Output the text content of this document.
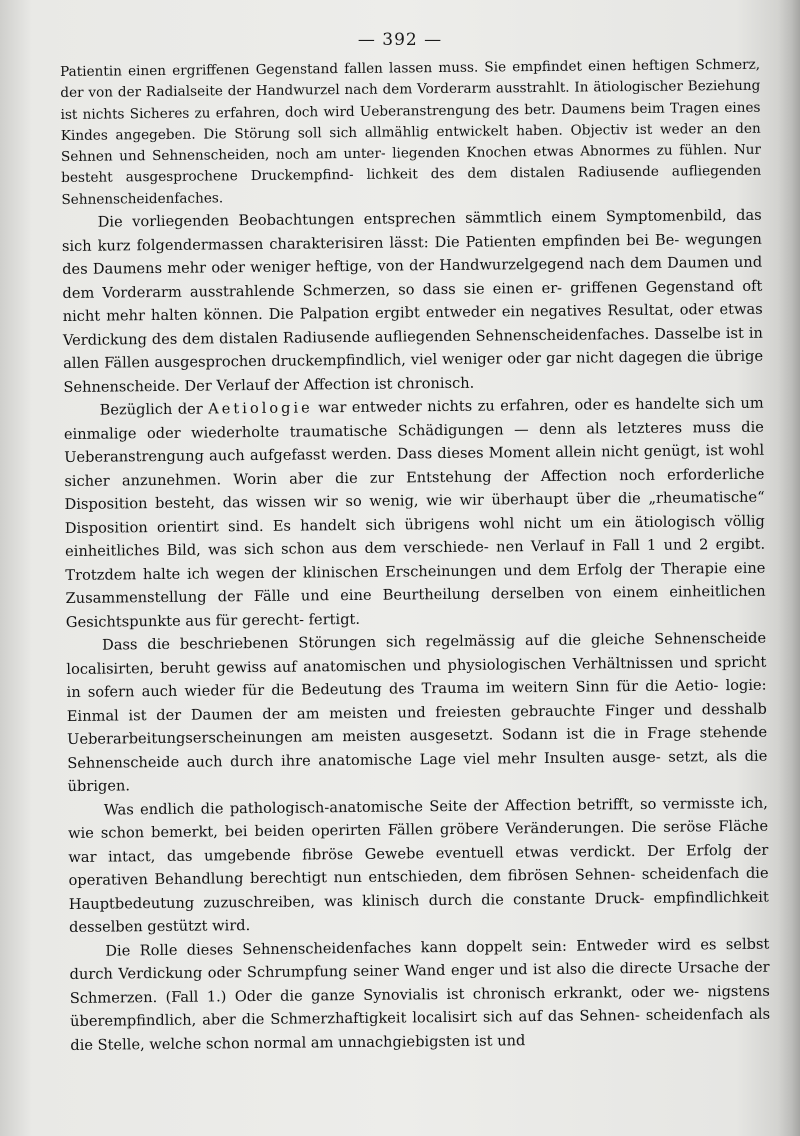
— 392 —

Patientin einen ergriffenen Gegenstand fallen lassen muss. Sie empfindet einen heftigen Schmerz, der von der Radialseite der Handwurzel nach dem Vorderarm ausstrahlt. In ätiologischer Beziehung ist nichts Sicheres zu erfahren, doch wird Ueberanstrengung des betr. Daumens beim Tragen eines Kindes angegeben. Die Störung soll sich allmählig entwickelt haben. Objectiv ist weder an den Sehnen und Sehnenscheiden, noch am unter- liegenden Knochen etwas Abnormes zu fühlen. Nur besteht ausgesprochene Druckempfind- lichkeit des dem distalen Radiusende aufliegenden Sehnenscheidenfaches.

Die vorliegenden Beobachtungen entsprechen sämmtlich einem Symptomenbild, das sich kurz folgendermassen charakterisiren lässt: Die Patienten empfinden bei Be- wegungen des Daumens mehr oder weniger heftige, von der Handwurzelgegend nach dem Daumen und dem Vorderarm ausstrahlende Schmerzen, so dass sie einen er- griffenen Gegenstand oft nicht mehr halten können. Die Palpation ergibt entweder ein negatives Resultat, oder etwas Verdickung des dem distalen Radiusende aufliegenden Sehnenscheidenfaches. Dasselbe ist in allen Fällen ausgesprochen druckempfindlich, viel weniger oder gar nicht dagegen die übrige Sehnenscheide. Der Verlauf der Affection ist chronisch.

Bezüglich der Aetiologie war entweder nichts zu erfahren, oder es handelte sich um einmalige oder wiederholte traumatische Schädigungen — denn als letzteres muss die Ueberanstrengung auch aufgefasst werden. Dass dieses Moment allein nicht genügt, ist wohl sicher anzunehmen. Worin aber die zur Entstehung der Affection noch erforderliche Disposition besteht, das wissen wir so wenig, wie wir überhaupt über die „rheumatische“ Disposition orientirt sind. Es handelt sich übrigens wohl nicht um ein ätiologisch völlig einheitliches Bild, was sich schon aus dem verschiede- nen Verlauf in Fall 1 und 2 ergibt. Trotzdem halte ich wegen der klinischen Erscheinungen und dem Erfolg der Therapie eine Zusammenstellung der Fälle und eine Beurtheilung derselben von einem einheitlichen Gesichtspunkte aus für gerecht- fertigt.

Dass die beschriebenen Störungen sich regelmässig auf die gleiche Sehnenscheide localisirten, beruht gewiss auf anatomischen und physiologischen Verhältnissen und spricht in sofern auch wieder für die Bedeutung des Trauma im weitern Sinn für die Aetio- logie: Einmal ist der Daumen der am meisten und freiesten gebrauchte Finger und desshalb Ueberarbeitungserscheinungen am meisten ausgesetzt. Sodann ist die in Frage stehende Sehnenscheide auch durch ihre anatomische Lage viel mehr Insulten ausge- setzt, als die übrigen.

Was endlich die pathologisch-anatomische Seite der Affection betrifft, so vermisste ich, wie schon bemerkt, bei beiden operirten Fällen gröbere Veränderungen. Die seröse Fläche war intact, das umgebende fibröse Gewebe eventuell etwas verdickt. Der Erfolg der operativen Behandlung berechtigt nun entschieden, dem fibrösen Sehnen- scheidenfach die Hauptbedeutung zuzuschreiben, was klinisch durch die constante Druck- empfindlichkeit desselben gestützt wird.

Die Rolle dieses Sehnenscheidenfaches kann doppelt sein: Entweder wird es selbst durch Verdickung oder Schrumpfung seiner Wand enger und ist also die directe Ursache der Schmerzen. (Fall 1.) Oder die ganze Synovialis ist chronisch erkrankt, oder we- nigstens überempfindlich, aber die Schmerzhaftigkeit localisirt sich auf das Sehnen- scheidenfach als die Stelle, welche schon normal am unnachgiebigsten ist und
